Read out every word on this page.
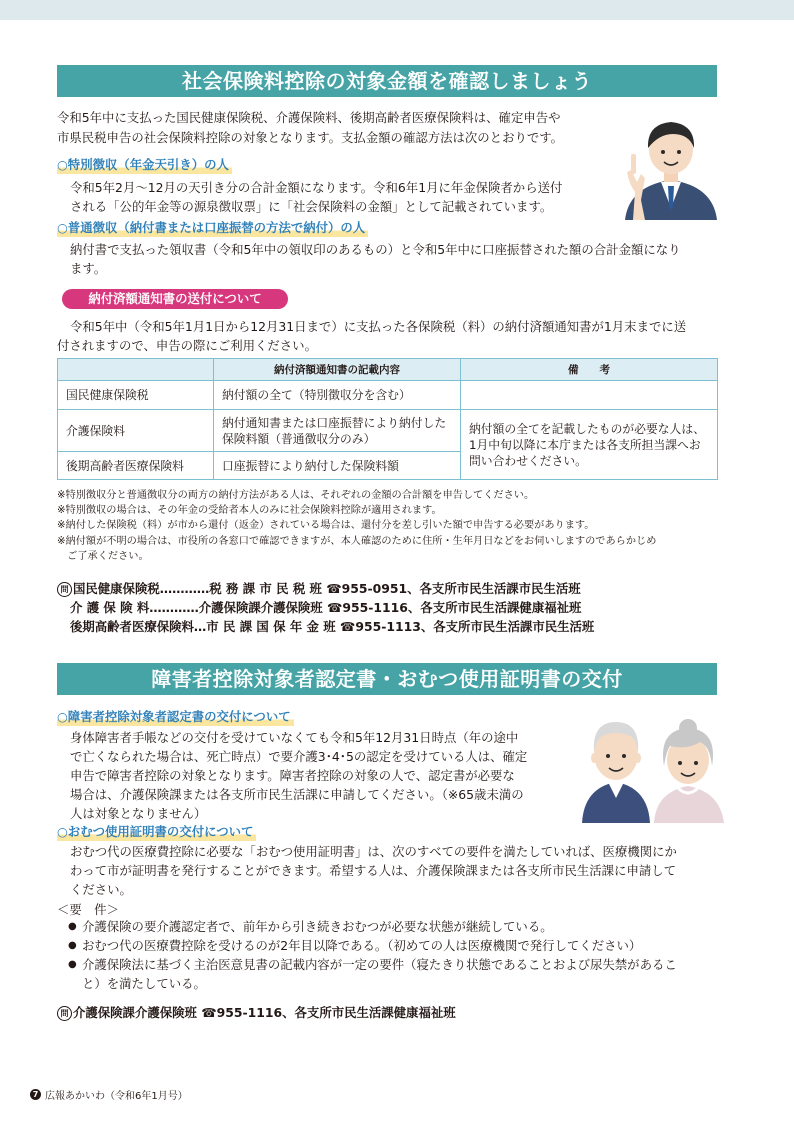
社会保険料控除の対象金額を確認しましょう

令和5年中に支払った国民健康保険税、介護保険料、後期高齢者医療保険料は、確定申告や

市県民税申告の社会保険料控除の対象となります。支払金額の確認方法は次のとおりです。

○特別徴収（年金天引き）の人

令和5年2月～12月の天引き分の合計金額になります。令和6年1月に年金保険者から送付

される「公的年金等の源泉徴収票」に「社会保険料の金額」として記載されています。

○普通徴収（納付書または口座振替の方法で納付）の人

納付書で支払った領収書（令和5年中の領収印のあるもの）と令和5年中に口座振替された額の合計金額になり

ます。

納付済額通知書の送付について

令和5年中（令和5年1月1日から12月31日まで）に支払った各保険税（料）の納付済額通知書が1月末までに送

付されますので、申告の際にご利用ください。

	納付済額通知書の記載内容	備　　考
国民健康保険税	納付額の全て（特別徴収分を含む）	
介護保険料	納付通知書または口座振替により納付した保険料額（普通徴収分のみ）	納付額の全てを記載したものが必要な人は、1月中旬以降に本庁または各支所担当課へお問い合わせください。
後期高齢者医療保険料	口座振替により納付した保険料額	
※特別徴収分と普通徴収分の両方の納付方法がある人は、それぞれの金額の合計額を申告してください。
※特別徴収の場合は、その年金の受給者本人のみに社会保険料控除が適用されます。
※納付した保険税（料）が市から還付（返金）されている場合は、還付分を差し引いた額で申告する必要があります。
※納付額が不明の場合は、市役所の各窓口で確認できますが、本人確認のために住所・生年月日などをお伺いしますのであらかじめ
　ご了承ください。
問 国民健康保険税…………税 務 課 市 民 税 班 ☎955-0951、各支所市民生活課市民生活班
介 護 保 険 料…………介護保険課介護保険班 ☎955-1116、各支所市民生活課健康福祉班
後期高齢者医療保険料…市 民 課 国 保 年 金 班 ☎955-1113、各支所市民生活課市民生活班
障害者控除対象者認定書・おむつ使用証明書の交付
○障害者控除対象者認定書の交付について
身体障害者手帳などの交付を受けていなくても令和5年12月31日時点（年の途中
で亡くなられた場合は、死亡時点）で要介護3･4･5の認定を受けている人は、確定
申告で障害者控除の対象となります。障害者控除の対象の人で、認定書が必要な
場合は、介護保険課または各支所市民生活課に申請してください。（※65歳未満の
人は対象となりません）
○おむつ使用証明書の交付について
おむつ代の医療費控除に必要な「おむつ使用証明書」は、次のすべての要件を満たしていれば、医療機関にか
わって市が証明書を発行することができます。希望する人は、介護保険課または各支所市民生活課に申請して
ください。
＜要　件＞
● 介護保険の要介護認定者で、前年から引き続きおむつが必要な状態が継続している。
● おむつ代の医療費控除を受けるのが2年目以降である。（初めての人は医療機関で発行してください）
● 介護保険法に基づく主治医意見書の記載内容が一定の要件（寝たきり状態であることおよび尿失禁があるこ
と）を満たしている。
問 介護保険課介護保険班 ☎955-1116、各支所市民生活課健康福祉班
7 広報あかいわ（令和6年1月号）
